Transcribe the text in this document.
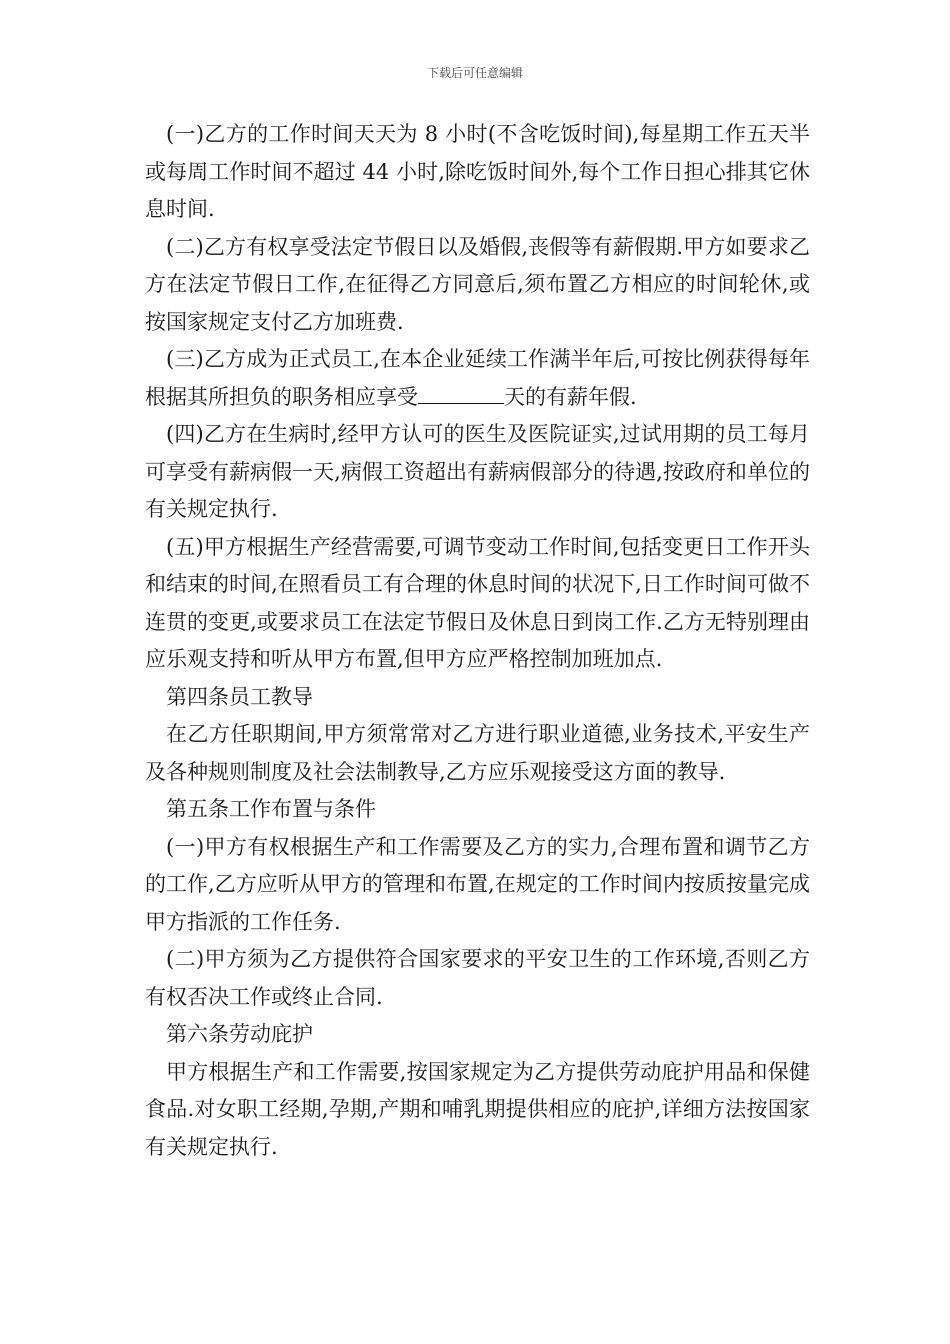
下载后可任意编辑

(一)乙方的工作时间天天为 8 小时(不含吃饭时间),每星期工作五天半或每周工作时间不超过 44 小时,除吃饭时间外,每个工作日担心排其它休息时间.

(二)乙方有权享受法定节假日以及婚假,丧假等有薪假期.甲方如要求乙方在法定节假日工作,在征得乙方同意后,须布置乙方相应的时间轮休,或按国家规定支付乙方加班费.

(三)乙方成为正式员工,在本企业延续工作满半年后,可按比例获得每年根据其所担负的职务相应享受	天的有薪年假.

(四)乙方在生病时,经甲方认可的医生及医院证实,过试用期的员工每月可享受有薪病假一天,病假工资超出有薪病假部分的待遇,按政府和单位的有关规定执行.

(五)甲方根据生产经营需要,可调节变动工作时间,包括变更日工作开头和结束的时间,在照看员工有合理的休息时间的状况下,日工作时间可做不连贯的变更,或要求员工在法定节假日及休息日到岗工作.乙方无特别理由应乐观支持和听从甲方布置,但甲方应严格控制加班加点.

第四条员工教导

在乙方任职期间,甲方须常常对乙方进行职业道德,业务技术,平安生产及各种规则制度及社会法制教导,乙方应乐观接受这方面的教导.

第五条工作布置与条件

(一)甲方有权根据生产和工作需要及乙方的实力,合理布置和调节乙方的工作,乙方应听从甲方的管理和布置,在规定的工作时间内按质按量完成甲方指派的工作任务.

(二)甲方须为乙方提供符合国家要求的平安卫生的工作环境,否则乙方有权否决工作或终止合同.

第六条劳动庇护

甲方根据生产和工作需要,按国家规定为乙方提供劳动庇护用品和保健食品.对女职工经期,孕期,产期和哺乳期提供相应的庇护,详细方法按国家有关规定执行.
